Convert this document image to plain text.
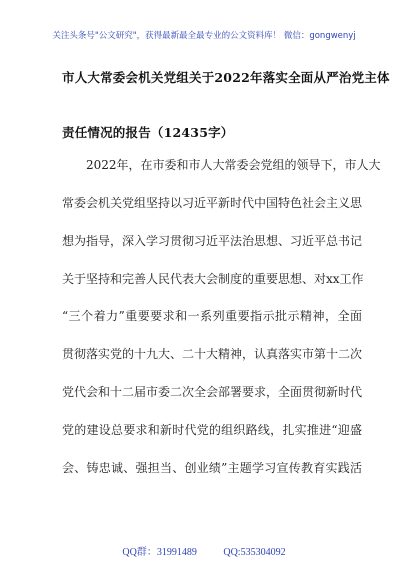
关注头条号"公文研究"，获得最新最全最专业的公文资料库！ 微信：gongwenyj
市人大常委会机关党组关于2022年落实全面从严治党主体
责任情况的报告（12435字）
2022年，在市委和市人大常委会党组的领导下，市人大
常委会机关党组坚持以习近平新时代中国特色社会主义思
想为指导，深入学习贯彻习近平法治思想、习近平总书记
关于坚持和完善人民代表大会制度的重要思想、对xx工作
“三个着力”重要要求和一系列重要指示批示精神，全面
贯彻落实党的十九大、二十大精神，认真落实市第十二次
党代会和十二届市委二次全会部署要求，全面贯彻新时代
党的建设总要求和新时代党的组织路线，扎实推进“迎盛
会、铸忠诚、强担当、创业绩”主题学习宣传教育实践活
QQ群：31991489	QQ:535304092
